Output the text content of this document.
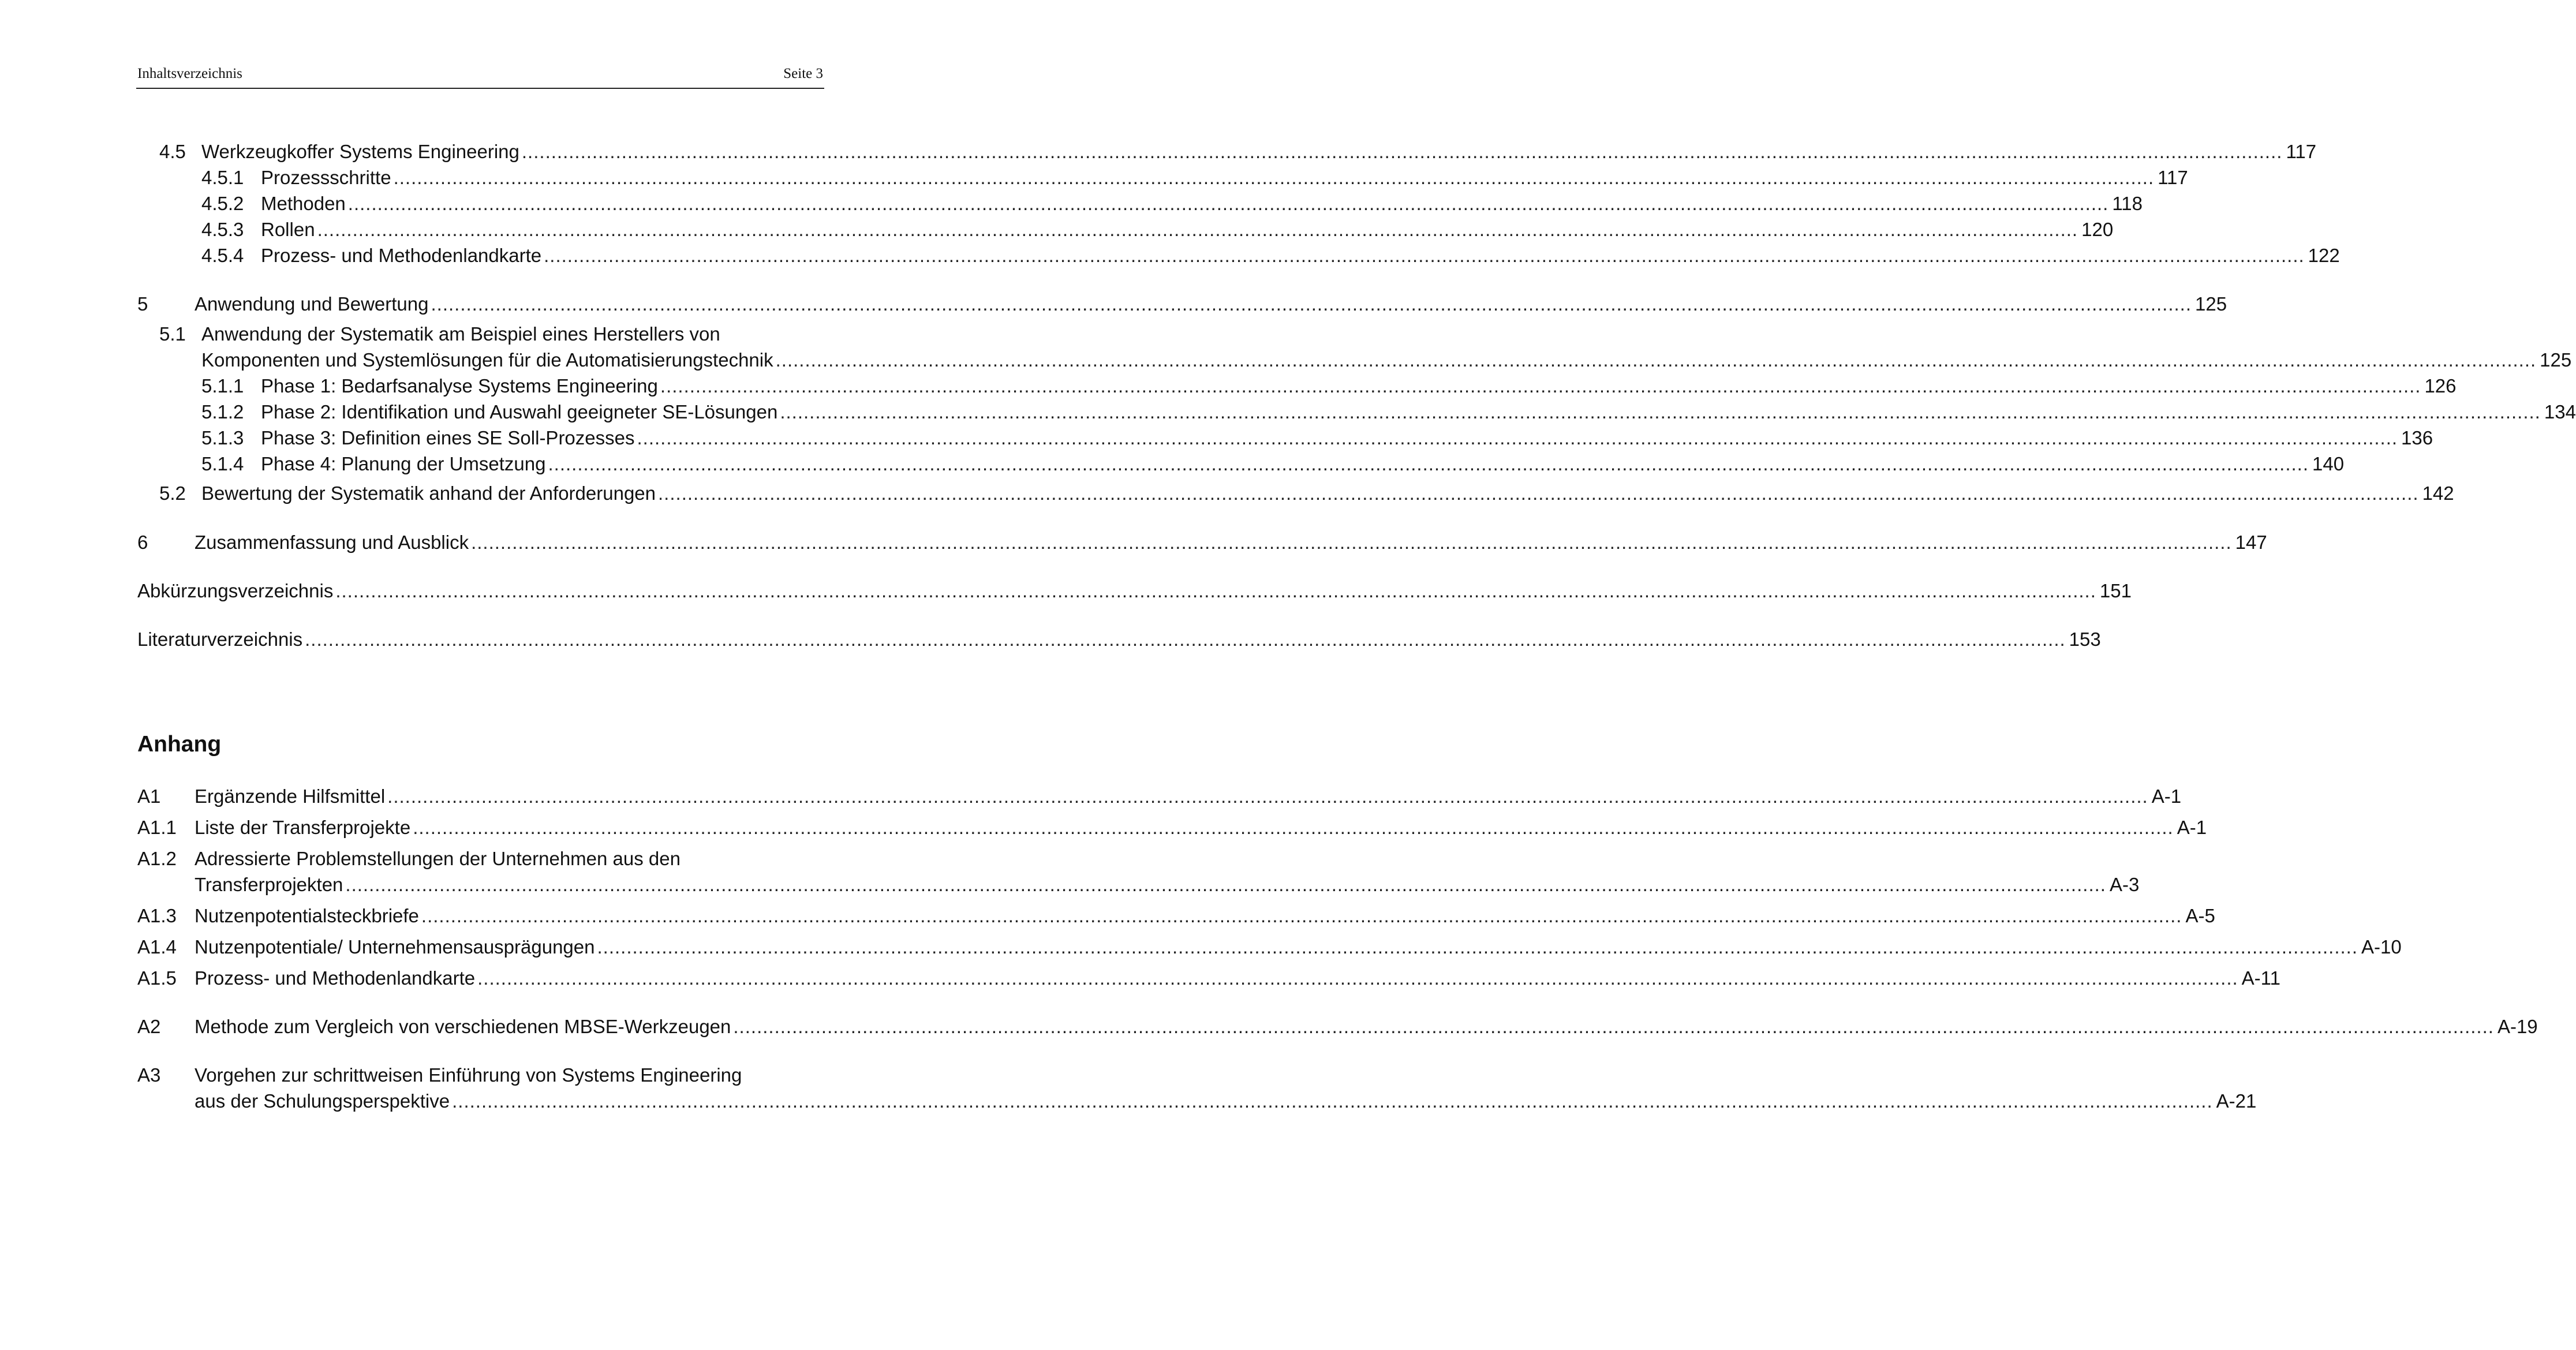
Inhaltsverzeichnis	Seite 3
4.5 Werkzeugkoffer Systems Engineering ............................................................................................................................................................................................................................................................................................................ 117
4.5.1 Prozessschritte ............................................................................................................................................................................................................................................................................................................ 117
4.5.2 Methoden ............................................................................................................................................................................................................................................................................................................ 118
4.5.3 Rollen ............................................................................................................................................................................................................................................................................................................ 120
4.5.4 Prozess- und Methodenlandkarte ............................................................................................................................................................................................................................................................................................................ 122
5 Anwendung und Bewertung ............................................................................................................................................................................................................................................................................................................ 125
5.1 Anwendung der Systematik am Beispiel eines Herstellers von
Komponenten und Systemlösungen für die Automatisierungstechnik ............................................................................................................................................................................................................................................................................................................ 125
5.1.1 Phase 1: Bedarfsanalyse Systems Engineering ............................................................................................................................................................................................................................................................................................................ 126
5.1.2 Phase 2: Identifikation und Auswahl geeigneter SE-Lösungen ............................................................................................................................................................................................................................................................................................................ 134
5.1.3 Phase 3: Definition eines SE Soll-Prozesses ............................................................................................................................................................................................................................................................................................................ 136
5.1.4 Phase 4: Planung der Umsetzung ............................................................................................................................................................................................................................................................................................................ 140
5.2 Bewertung der Systematik anhand der Anforderungen ............................................................................................................................................................................................................................................................................................................ 142
6 Zusammenfassung und Ausblick ............................................................................................................................................................................................................................................................................................................ 147
Abkürzungsverzeichnis ............................................................................................................................................................................................................................................................................................................ 151
Literaturverzeichnis ............................................................................................................................................................................................................................................................................................................ 153
Anhang
A1 Ergänzende Hilfsmittel ............................................................................................................................................................................................................................................................................................................ A-1
A1.1 Liste der Transferprojekte ............................................................................................................................................................................................................................................................................................................ A-1
A1.2 Adressierte Problemstellungen der Unternehmen aus den
Transferprojekten ............................................................................................................................................................................................................................................................................................................ A-3
A1.3 Nutzenpotentialsteckbriefe ............................................................................................................................................................................................................................................................................................................ A-5
A1.4 Nutzenpotentiale/ Unternehmensausprägungen ............................................................................................................................................................................................................................................................................................................ A-10
A1.5 Prozess- und Methodenlandkarte ............................................................................................................................................................................................................................................................................................................ A-11
A2 Methode zum Vergleich von verschiedenen MBSE-Werkzeugen ............................................................................................................................................................................................................................................................................................................ A-19
A3 Vorgehen zur schrittweisen Einführung von Systems Engineering
aus der Schulungsperspektive ............................................................................................................................................................................................................................................................................................................ A-21
